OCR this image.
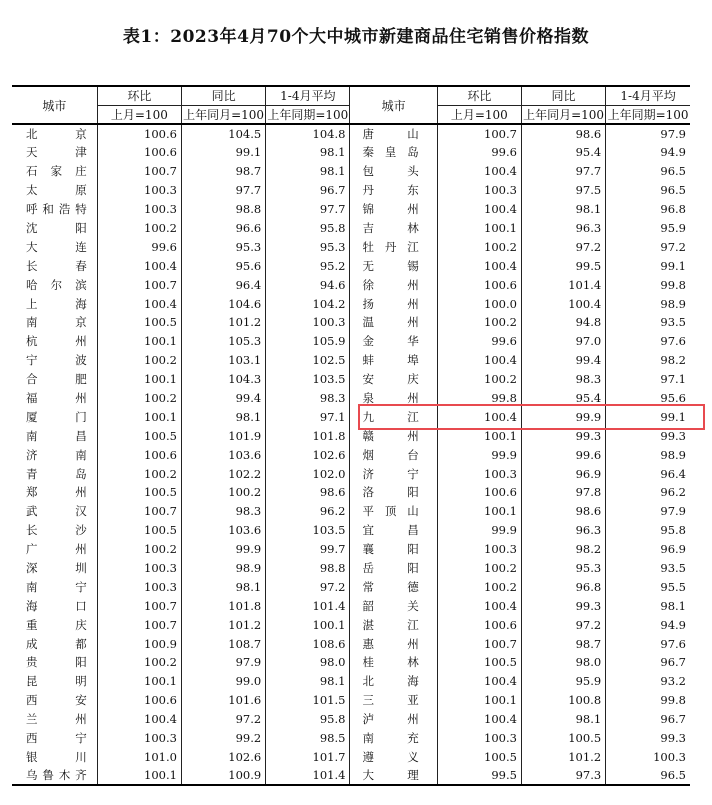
表1：2023年4月70个大中城市新建商品住宅销售价格指数
城市	环比	同比	1-4月平均	城市	环比	同比	1-4月平均
	上月=100	上年同月=100	上年同期=100		上月=100	上年同月=100	上年同期=100

北京	100.6	104.5	104.8	唐山	100.7	98.6	97.9

天津	100.6	99.1	98.1	秦皇岛	99.6	95.4	94.9

石家庄	100.7	98.7	98.1	包头	100.4	97.7	96.5

太原	100.3	97.7	96.7	丹东	100.3	97.5	96.5

呼和浩特	100.3	98.8	97.7	锦州	100.4	98.1	96.8

沈阳	100.2	96.6	95.8	吉林	100.1	96.3	95.9

大连	99.6	95.3	95.3	牡丹江	100.2	97.2	97.2

长春	100.4	95.6	95.2	无锡	100.4	99.5	99.1

哈尔滨	100.7	96.4	94.6	徐州	100.6	101.4	99.8

上海	100.4	104.6	104.2	扬州	100.0	100.4	98.9

南京	100.5	101.2	100.3	温州	100.2	94.8	93.5

杭州	100.1	105.3	105.9	金华	99.6	97.0	97.6

宁波	100.2	103.1	102.5	蚌埠	100.4	99.4	98.2

合肥	100.1	104.3	103.5	安庆	100.2	98.3	97.1

福州	100.2	99.4	98.3	泉州	99.8	95.4	95.6

厦门	100.1	98.1	97.1	九江	100.4	99.9	99.1

南昌	100.5	101.9	101.8	赣州	100.1	99.3	99.3

济南	100.6	103.6	102.6	烟台	99.9	99.6	98.9

青岛	100.2	102.2	102.0	济宁	100.3	96.9	96.4

郑州	100.5	100.2	98.6	洛阳	100.6	97.8	96.2

武汉	100.7	98.3	96.2	平顶山	100.1	98.6	97.9

长沙	100.5	103.6	103.5	宜昌	99.9	96.3	95.8

广州	100.2	99.9	99.7	襄阳	100.3	98.2	96.9

深圳	100.3	98.9	98.8	岳阳	100.2	95.3	93.5

南宁	100.3	98.1	97.2	常德	100.2	96.8	95.5

海口	100.7	101.8	101.4	韶关	100.4	99.3	98.1

重庆	100.7	101.2	100.1	湛江	100.6	97.2	94.9

成都	100.9	108.7	108.6	惠州	100.7	98.7	97.6

贵阳	100.2	97.9	98.0	桂林	100.5	98.0	96.7

昆明	100.1	99.0	98.1	北海	100.4	95.9	93.2

西安	100.6	101.6	101.5	三亚	100.1	100.8	99.8

兰州	100.4	97.2	95.8	泸州	100.4	98.1	96.7

西宁	100.3	99.2	98.5	南充	100.3	100.5	99.3

银川	101.0	102.6	101.7	遵义	100.5	101.2	100.3

乌鲁木齐	100.1	100.9	101.4	大理	99.5	97.3	96.5
